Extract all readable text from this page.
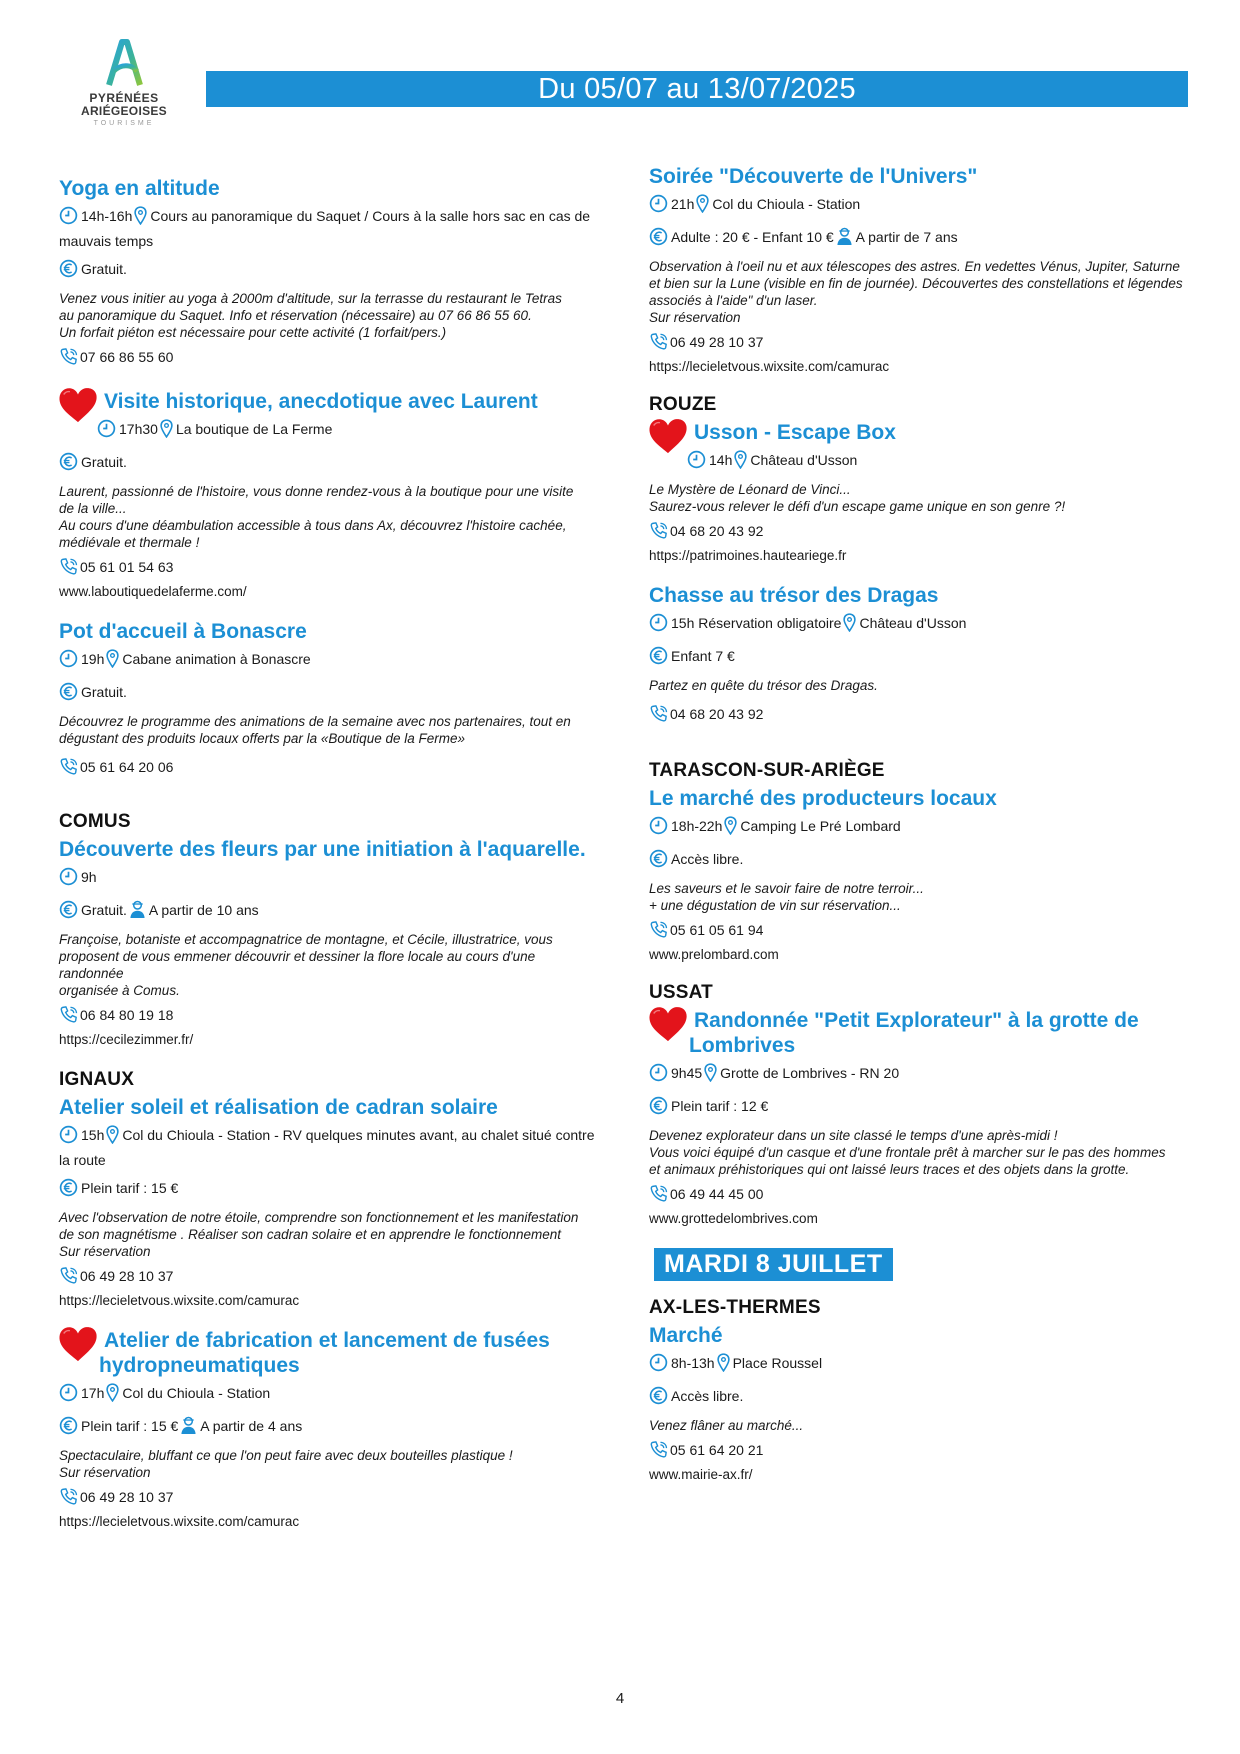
PYRÉNÉES
ARIÉGEOISES
TOURISME
Du 05/07 au 13/07/2025
Yoga en altitude
14h-16h Cours au panoramique du Saquet / Cours à la salle hors sac en cas de
mauvais temps
Gratuit.
Venez vous initier au yoga à 2000m d'altitude, sur la terrasse du restaurant le Tetras
au panoramique du Saquet. Info et réservation (nécessaire) au 07 66 86 55 60.
Un forfait piéton est nécessaire pour cette activité (1 forfait/pers.)
07 66 86 55 60
Visite historique, anecdotique avec Laurent
17h30 La boutique de La Ferme
Gratuit.
Laurent, passionné de l'histoire, vous donne rendez-vous à la boutique pour une visite
de la ville...
Au cours d'une déambulation accessible à tous dans Ax, découvrez l'histoire cachée,
médiévale et thermale !
05 61 01 54 63
www.laboutiquedelaferme.com/
Pot d'accueil à Bonascre
19h Cabane animation à Bonascre
Gratuit.
Découvrez le programme des animations de la semaine avec nos partenaires, tout en
dégustant des produits locaux offerts par la «Boutique de la Ferme»
05 61 64 20 06
COMUS
Découverte des fleurs par une initiation à l'aquarelle.
9h
Gratuit. A partir de 10 ans
Françoise, botaniste et accompagnatrice de montagne, et Cécile, illustratrice, vous
proposent de vous emmener découvrir et dessiner la flore locale au cours d'une randonnée
organisée à Comus.
06 84 80 19 18
https://cecilezimmer.fr/
IGNAUX
Atelier soleil et réalisation de cadran solaire
15h Col du Chioula - Station - RV quelques minutes avant, au chalet situé contre
la route
Plein tarif : 15 €
Avec l'observation de notre étoile, comprendre son fonctionnement et les manifestation
de son magnétisme . Réaliser son cadran solaire et en apprendre le fonctionnement
Sur réservation
06 49 28 10 37
https://lecieletvous.wixsite.com/camurac
Atelier de fabrication et lancement de fusées
hydropneumatiques
17h Col du Chioula - Station
Plein tarif : 15 € A partir de 4 ans
Spectaculaire, bluffant ce que l'on peut faire avec deux bouteilles plastique !
Sur réservation
06 49 28 10 37
https://lecieletvous.wixsite.com/camurac
Soirée "Découverte de l'Univers"
21h Col du Chioula - Station
Adulte : 20 € - Enfant 10 € A partir de 7 ans
Observation à l'oeil nu et aux télescopes des astres. En vedettes Vénus, Jupiter, Saturne
et bien sur la Lune (visible en fin de journée). Découvertes des constellations et légendes
associés à l'aide" d'un laser.
Sur réservation
06 49 28 10 37
https://lecieletvous.wixsite.com/camurac
ROUZE
Usson - Escape Box
14h Château d'Usson
Le Mystère de Léonard de Vinci...
Saurez-vous relever le défi d'un escape game unique en son genre ?!
04 68 20 43 92
https://patrimoines.hauteariege.fr
Chasse au trésor des Dragas
15h Réservation obligatoire Château d'Usson
Enfant 7 €
Partez en quête du trésor des Dragas.
04 68 20 43 92
TARASCON-SUR-ARIÈGE
Le marché des producteurs locaux
18h-22h Camping Le Pré Lombard
Accès libre.
Les saveurs et le savoir faire de notre terroir...
+ une dégustation de vin sur réservation...
05 61 05 61 94
www.prelombard.com
USSAT
Randonnée "Petit Explorateur" à la grotte de
Lombrives
9h45 Grotte de Lombrives - RN 20
Plein tarif : 12 €
Devenez explorateur dans un site classé le temps d'une après-midi !
Vous voici équipé d'un casque et d'une frontale prêt à marcher sur le pas des hommes
et animaux préhistoriques qui ont laissé leurs traces et des objets dans la grotte.
06 49 44 45 00
www.grottedelombrives.com
MARDI 8 JUILLET
AX-LES-THERMES
Marché
8h-13h Place Roussel
Accès libre.
Venez flâner au marché...
05 61 64 20 21
www.mairie-ax.fr/
4
